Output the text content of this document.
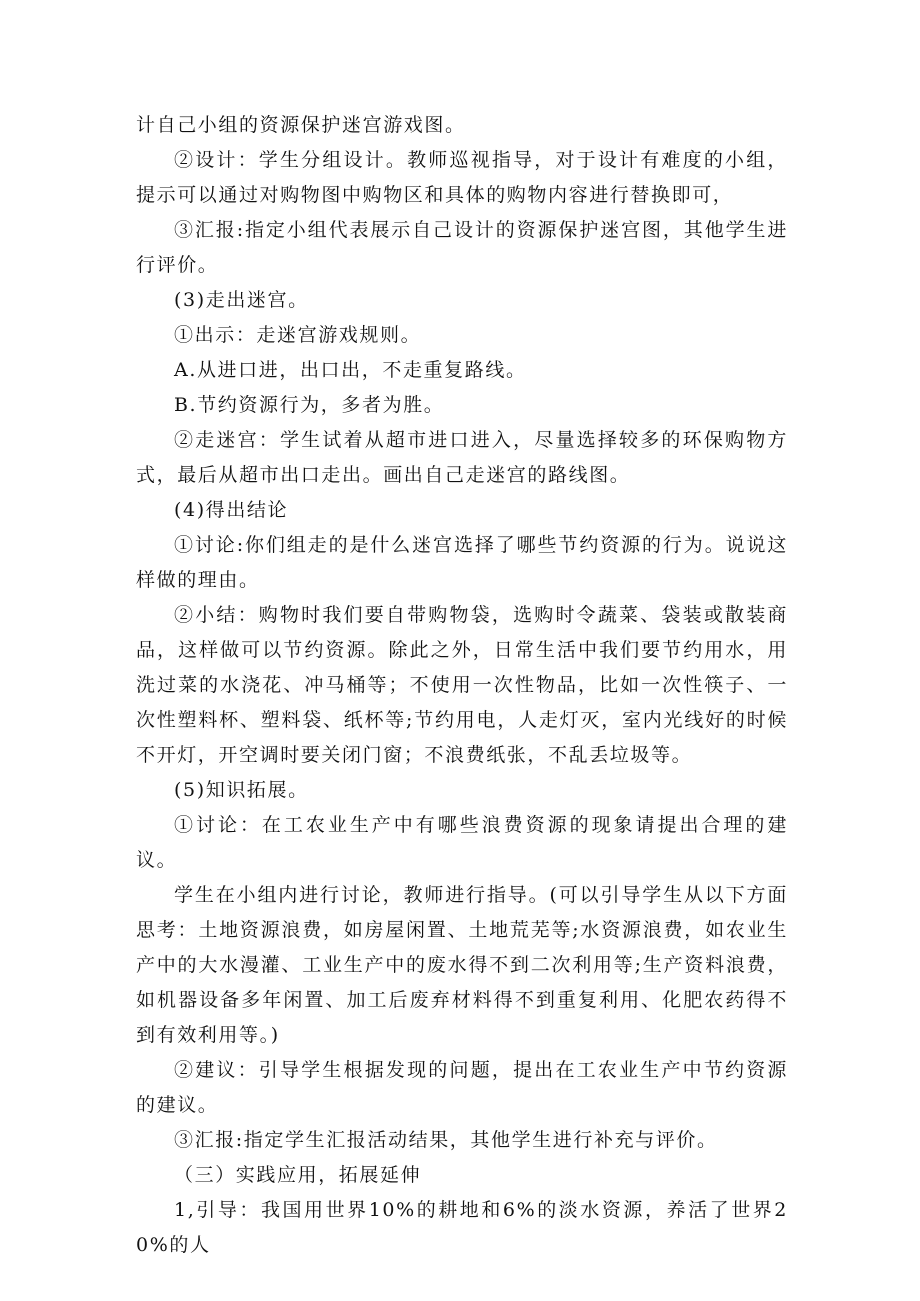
计自己小组的资源保护迷宫游戏图。

②设计：学生分组设计。教师巡视指导，对于设计有难度的小组，提示可以通过对购物图中购物区和具体的购物内容进行替换即可，

③汇报:指定小组代表展示自己设计的资源保护迷宫图，其他学生进行评价。

(3)走出迷宫。

①出示：走迷宫游戏规则。

A.从进口进，出口出，不走重复路线。

B.节约资源行为，多者为胜。

②走迷宫：学生试着从超市进口进入，尽量选择较多的环保购物方式，最后从超市出口走出。画出自己走迷宫的路线图。

(4)得出结论

①讨论:你们组走的是什么迷宫选择了哪些节约资源的行为。说说这样做的理由。

②小结：购物时我们要自带购物袋，选购时令蔬菜、袋装或散装商品，这样做可以节约资源。除此之外，日常生活中我们要节约用水，用洗过菜的水浇花、冲马桶等；不使用一次性物品，比如一次性筷子、一次性塑料杯、塑料袋、纸杯等;节约用电，人走灯灭，室内光线好的时候不开灯，开空调时要关闭门窗；不浪费纸张，不乱丢垃圾等。

(5)知识拓展。

①讨论：在工农业生产中有哪些浪费资源的现象请提出合理的建议。

学生在小组内进行讨论，教师进行指导。(可以引导学生从以下方面思考：土地资源浪费，如房屋闲置、土地荒芜等;水资源浪费，如农业生产中的大水漫灌、工业生产中的废水得不到二次利用等;生产资料浪费，如机器设备多年闲置、加工后废弃材料得不到重复利用、化肥农药得不到有效利用等。)

②建议：引导学生根据发现的问题，提出在工农业生产中节约资源的建议。

③汇报:指定学生汇报活动结果，其他学生进行补充与评价。

（三）实践应用，拓展延伸

1,引导：我国用世界10%的耕地和6%的淡水资源，养活了世界20%的人
